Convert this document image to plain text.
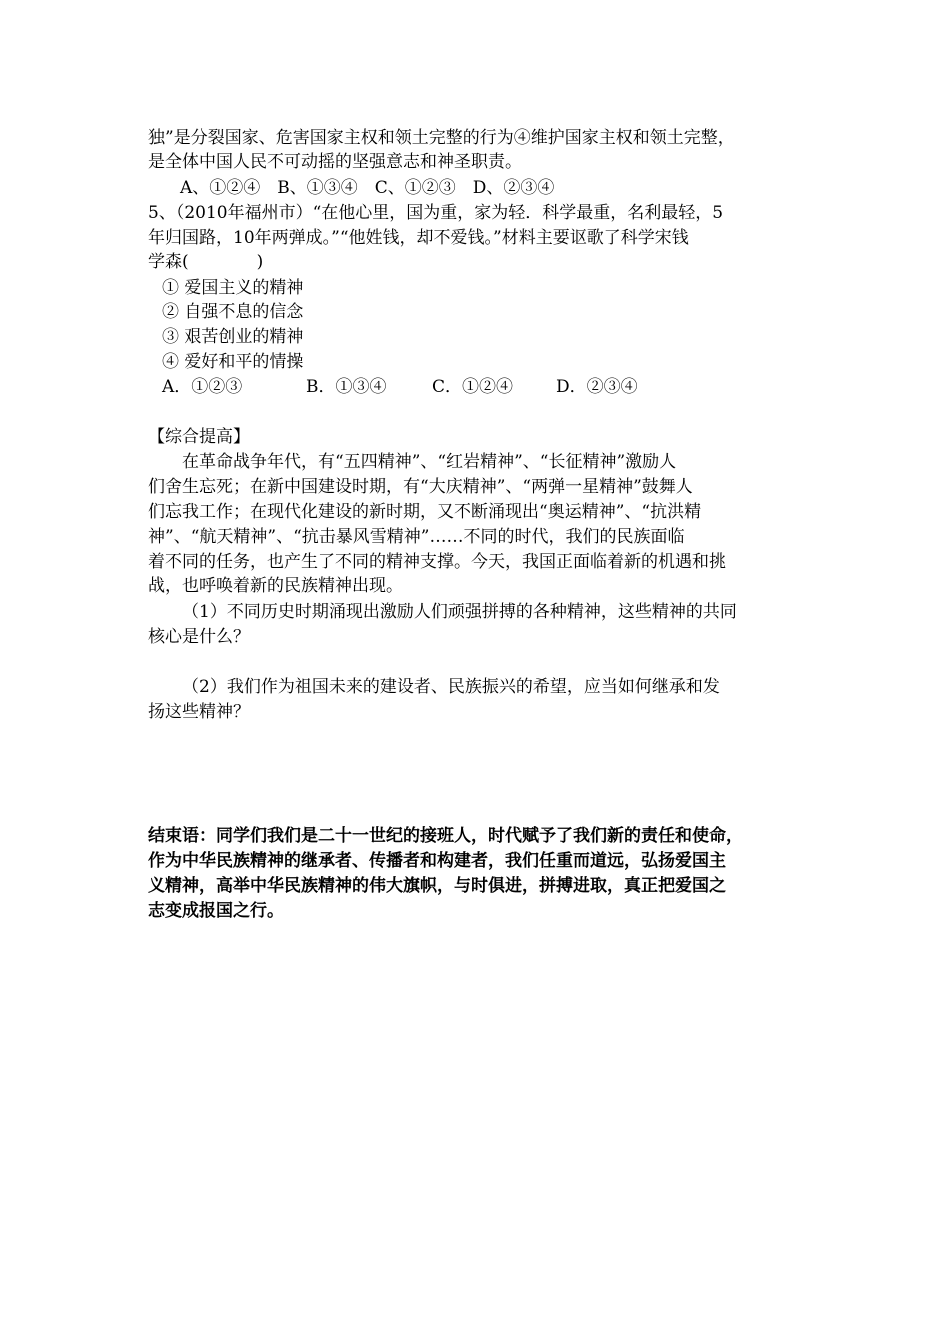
独”是分裂国家、危害国家主权和领土完整的行为④维护国家主权和领土完整，

是全体中国人民不可动摇的坚强意志和神圣职责。

A、①②④　B、①③④　C、①②③　D、②③④

5、（2010年福州市）“在他心里，国为重，家为轻．科学最重，名利最轻，5

年归国路，10年两弹成。”“他姓钱，却不爱钱。”材料主要讴歌了科学宋钱

学森(　　　　)

① 爱国主义的精神

② 自强不息的信念

③ 艰苦创业的精神

④ 爱好和平的情操

A．①②③	B．①③④	C．①②④	D．②③④

【综合提高】

在革命战争年代，有“五四精神”、“红岩精神”、“长征精神”激励人

们舍生忘死；在新中国建设时期，有“大庆精神”、“两弹一星精神”鼓舞人

们忘我工作；在现代化建设的新时期，又不断涌现出“奥运精神”、“抗洪精

神”、“航天精神”、“抗击暴风雪精神”……不同的时代，我们的民族面临

着不同的任务，也产生了不同的精神支撑。今天，我国正面临着新的机遇和挑

战，也呼唤着新的民族精神出现。

（1）不同历史时期涌现出激励人们顽强拼搏的各种精神，这些精神的共同

核心是什么？

（2）我们作为祖国未来的建设者、民族振兴的希望，应当如何继承和发

扬这些精神？

结束语：同学们我们是二十一世纪的接班人，时代赋予了我们新的责任和使命，

作为中华民族精神的继承者、传播者和构建者，我们任重而道远，弘扬爱国主

义精神，高举中华民族精神的伟大旗帜，与时俱进，拼搏进取，真正把爱国之

志变成报国之行。
